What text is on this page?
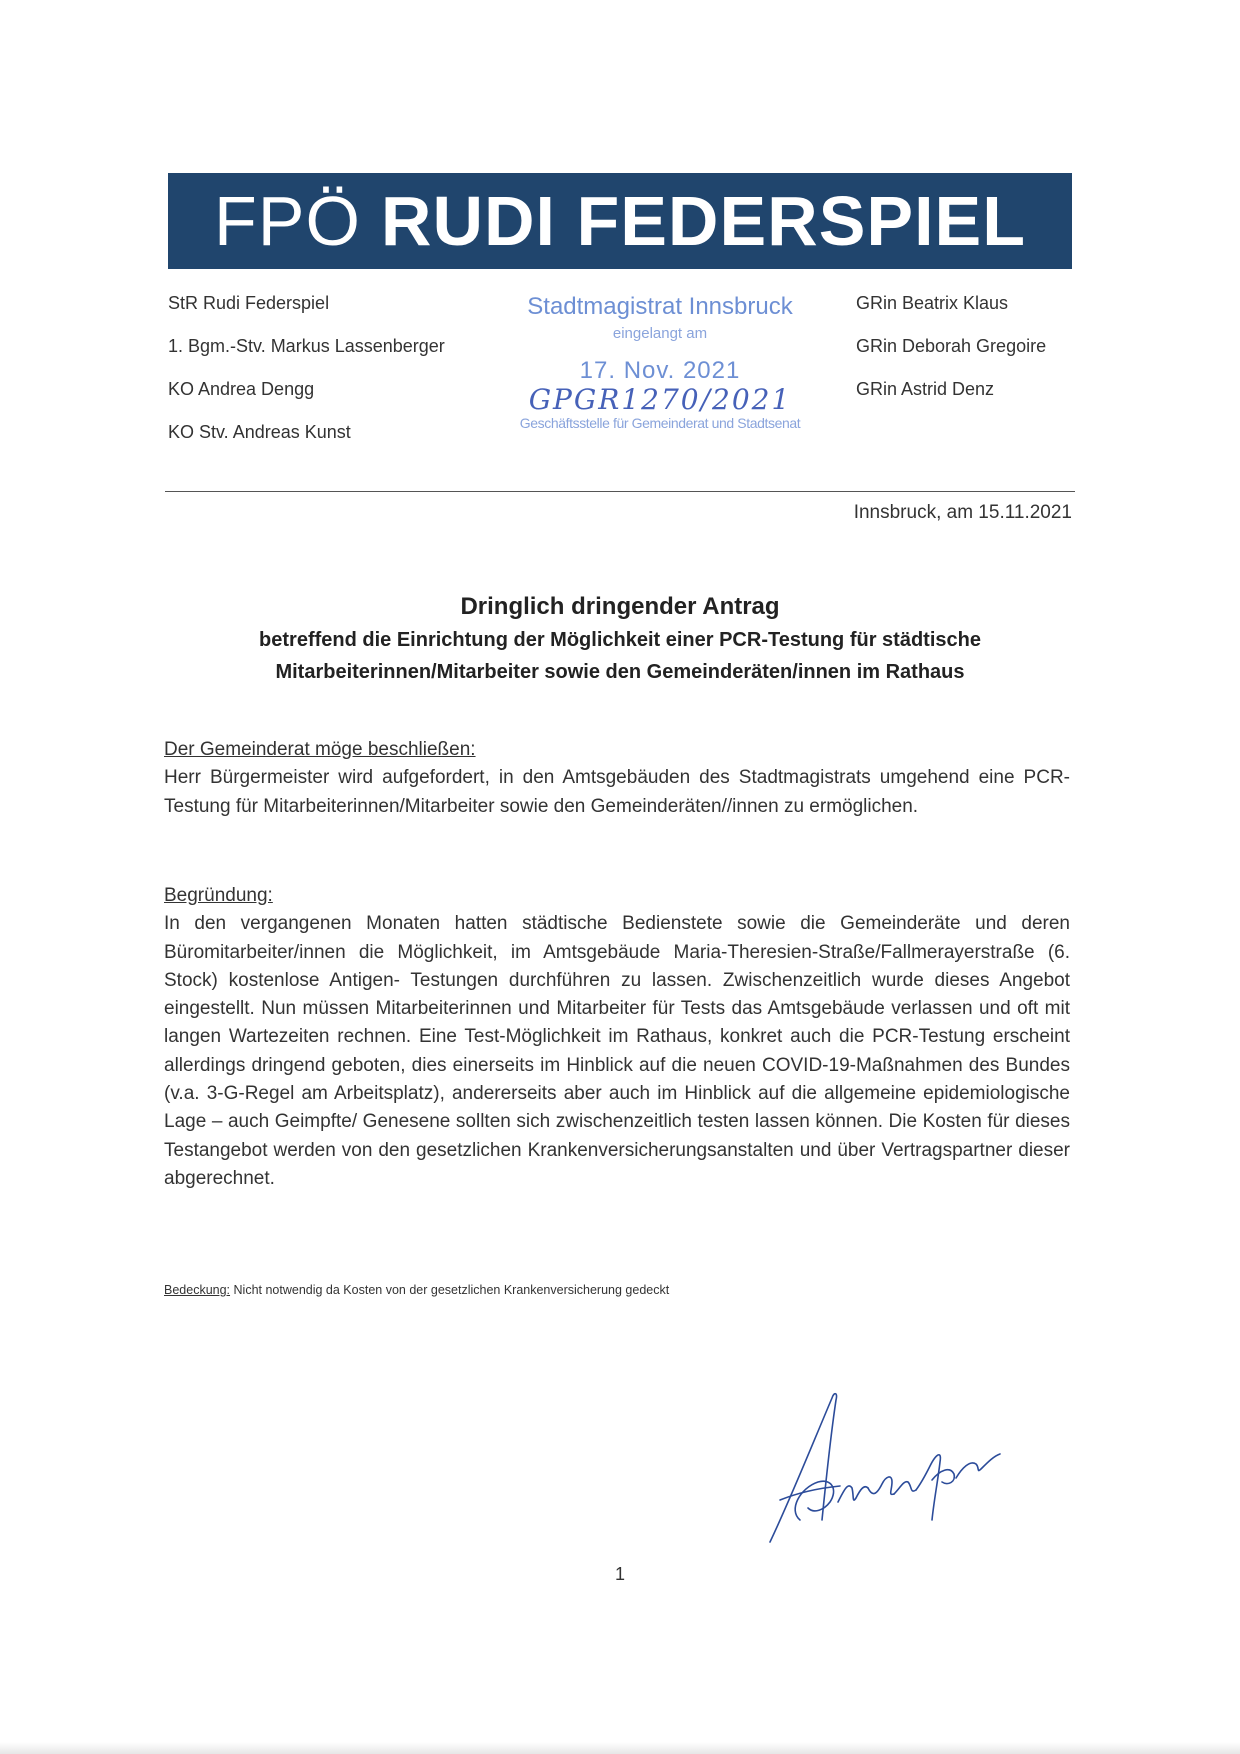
FPÖ RUDI FEDERSPIEL
StR Rudi Federspiel
1. Bgm.-Stv. Markus Lassenberger
KO Andrea Dengg
KO Stv. Andreas Kunst
Stadtmagistrat Innsbruck
eingelangt am
17. Nov. 2021
GPGR1270/2021
Geschäftsstelle für Gemeinderat und Stadtsenat
GRin Beatrix Klaus
GRin Deborah Gregoire
GRin Astrid Denz
Innsbruck, am 15.11.2021
Dringlich dringender Antrag
betreffend die Einrichtung der Möglichkeit einer PCR-Testung für städtische
Mitarbeiterinnen/Mitarbeiter sowie den Gemeinderäten/innen im Rathaus
Der Gemeinderat möge beschließen:
Herr Bürgermeister wird aufgefordert, in den Amtsgebäuden des Stadtmagistrats umgehend eine PCR-Testung für Mitarbeiterinnen/Mitarbeiter sowie den Gemeinderäten//innen zu ermöglichen.
Begründung:
In den vergangenen Monaten hatten städtische Bedienstete sowie die Gemeinderäte und deren Büromitarbeiter/innen die Möglichkeit, im Amtsgebäude Maria-Theresien-Straße/Fallmerayerstraße (6. Stock) kostenlose Antigen- Testungen durchführen zu lassen. Zwischenzeitlich wurde dieses Angebot eingestellt. Nun müssen Mitarbeiterinnen und Mitarbeiter für Tests das Amtsgebäude verlassen und oft mit langen Wartezeiten rechnen. Eine Test-Möglichkeit im Rathaus, konkret auch die PCR-Testung erscheint allerdings dringend geboten, dies einerseits im Hinblick auf die neuen COVID-19-Maßnahmen des Bundes (v.a. 3-G-Regel am Arbeitsplatz), andererseits aber auch im Hinblick auf die allgemeine epidemiologische Lage – auch Geimpfte/ Genesene sollten sich zwischenzeitlich testen lassen können. Die Kosten für dieses Testangebot werden von den gesetzlichen Krankenversicherungsanstalten und über Vertragspartner dieser abgerechnet.
Bedeckung: Nicht notwendig da Kosten von der gesetzlichen Krankenversicherung gedeckt
1
